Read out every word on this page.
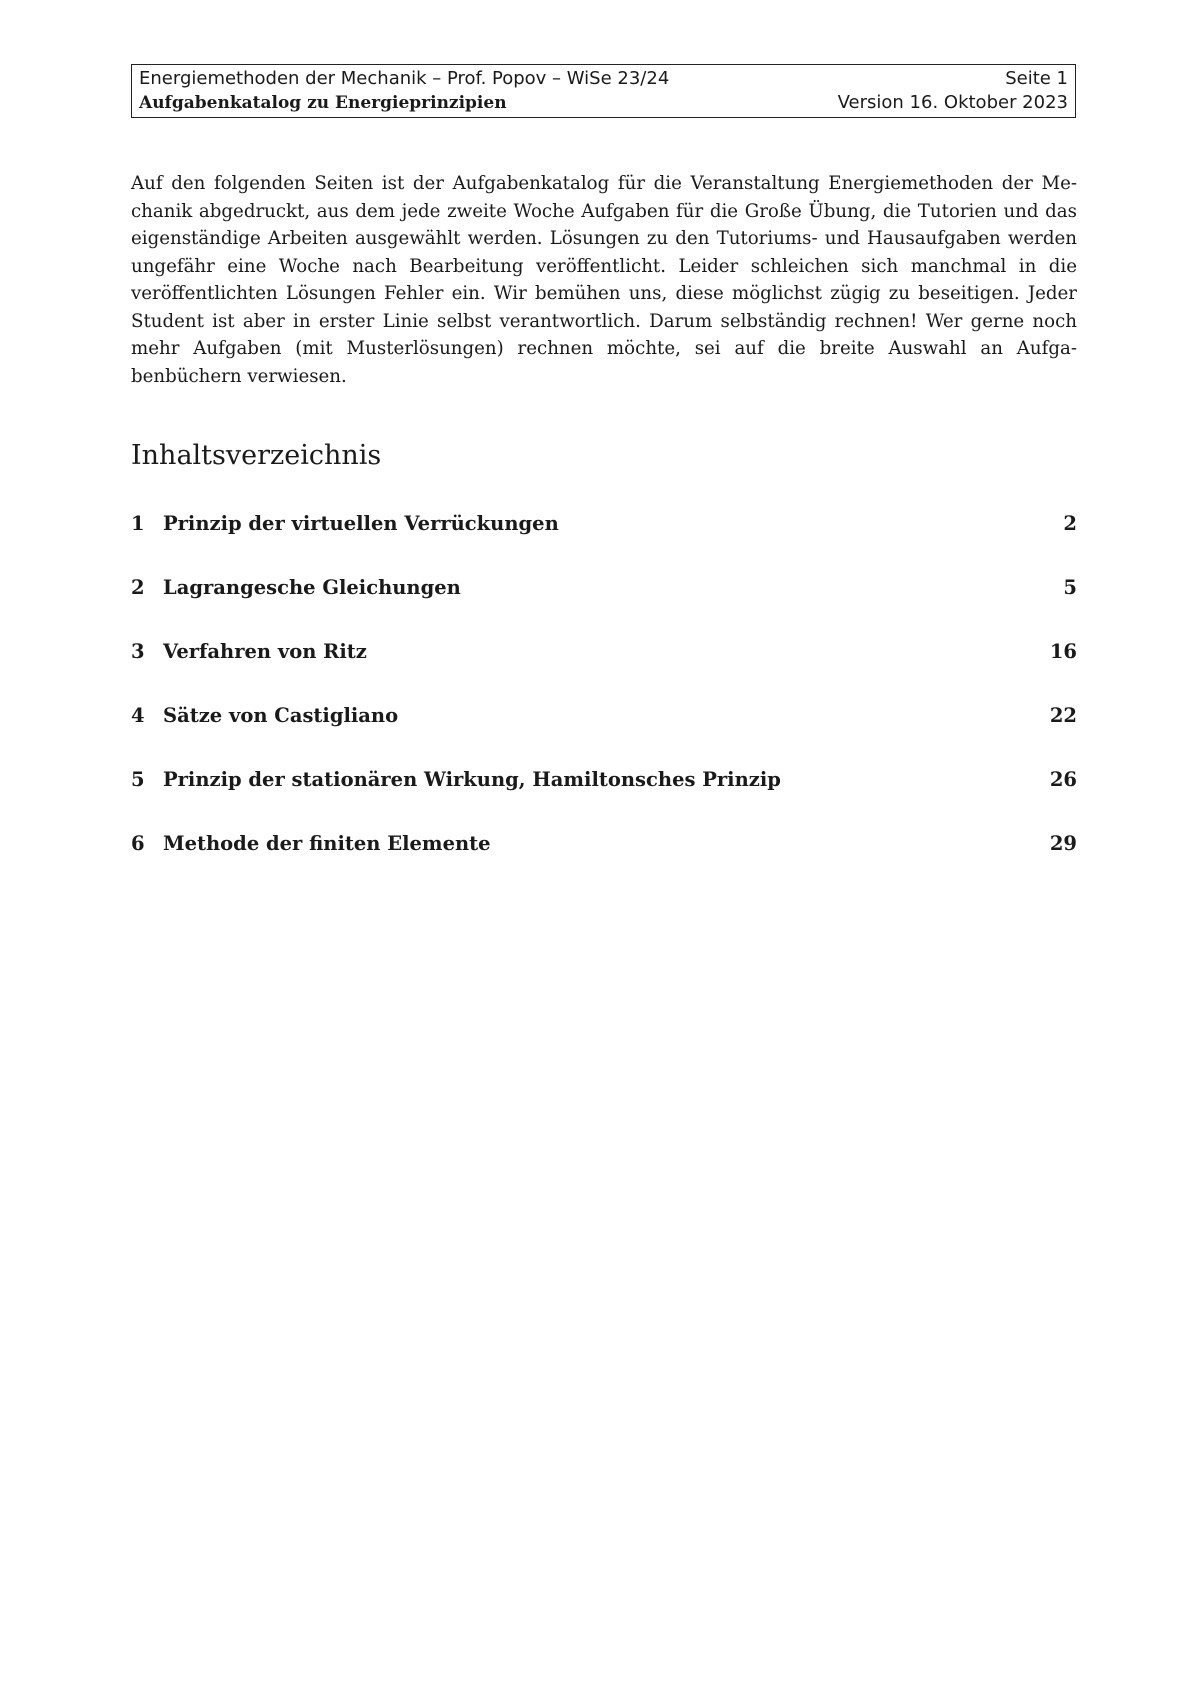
Energiemethoden der Mechanik – Prof. Popov – WiSe 23/24	Seite 1
Aufgabenkatalog zu Energieprinzipien	Version 16. Oktober 2023

Auf den folgenden Seiten ist der Aufgabenkatalog für die Veranstaltung Energiemethoden der Mechanik abgedruckt, aus dem jede zweite Woche Aufgaben für die Große Übung, die Tutorien und das eigenständige Arbeiten ausgewählt werden. Lösungen zu den Tutoriums- und Hausaufgaben werden ungefähr eine Woche nach Bearbeitung veröffentlicht. Leider schleichen sich manchmal in die veröffentlichten Lösungen Fehler ein. Wir bemühen uns, diese möglichst zügig zu beseitigen. Jeder Student ist aber in erster Linie selbst verantwortlich. Darum selbständig rechnen! Wer gerne noch mehr Aufgaben (mit Musterlösungen) rechnen möchte, sei auf die breite Auswahl an Aufgabenbüchern verwiesen.

Inhaltsverzeichnis
1 Prinzip der virtuellen Verrückungen	2
2 Lagrangesche Gleichungen	5
3 Verfahren von Ritz	16
4 Sätze von Castigliano	22
5 Prinzip der stationären Wirkung, Hamiltonsches Prinzip	26
6 Methode der finiten Elemente	29
